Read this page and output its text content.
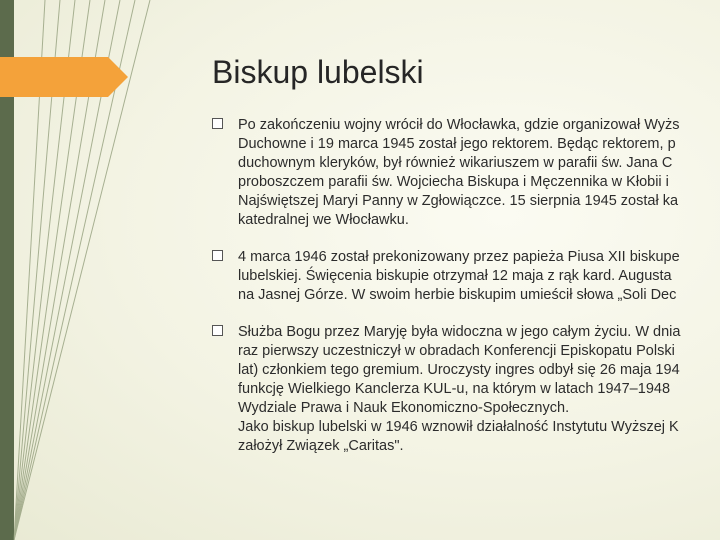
Biskup lubelski
Po zakończeniu wojny wrócił do Włocławka, gdzie organizował Wyżs
Duchowne i 19 marca 1945 został jego rektorem. Będąc rektorem, p
duchownym kleryków, był również wikariuszem w parafii św. Jana C
proboszczem parafii św. Wojciecha Biskupa i Męczennika w Kłobii i
Najświętszej Maryi Panny w Zgłowiączce. 15 sierpnia 1945 został ka
katedralnej we Włocławku.
4 marca 1946 został prekonizowany przez papieża Piusa XII biskupe
lubelskiej. Święcenia biskupie otrzymał 12 maja z rąk kard. Augusta
na Jasnej Górze. W swoim herbie biskupim umieścił słowa „Soli Dec
Służba Bogu przez Maryję była widoczna w jego całym życiu. W dnia
raz pierwszy uczestniczył w obradach Konferencji Episkopatu Polski
lat) członkiem tego gremium. Uroczysty ingres odbył się 26 maja 194
funkcję Wielkiego Kanclerza KUL-u, na którym w latach 1947–1948
Wydziale Prawa i Nauk Ekonomiczno-Społecznych.
Jako biskup lubelski w 1946 wznowił działalność Instytutu Wyższej K
założył Związek „Caritas".
